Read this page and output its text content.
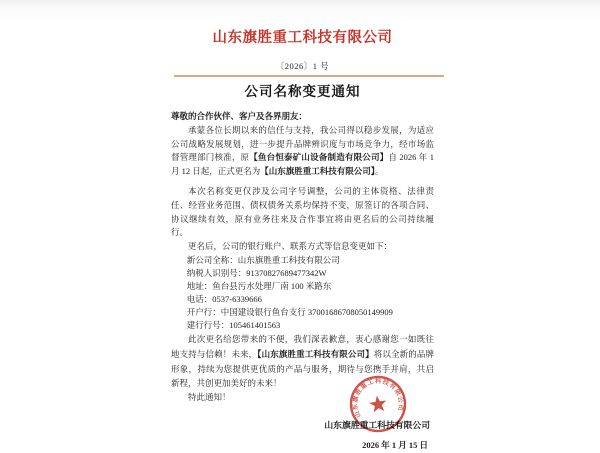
山东旗胜重工科技有限公司
〔2026〕1 号
公司名称变更通知

尊敬的合作伙伴、客户及各界朋友：

承蒙各位长期以来的信任与支持，我公司得以稳步发展，为适应公司战略发展规划，进一步提升品牌辨识度与市场竞争力，经市场监督管理部门核准，原【鱼台恒泰矿山设备制造有限公司】自 2026 年 1 月 12 日起，正式更名为【山东旗胜重工科技有限公司】。

本次名称变更仅涉及公司字号调整，公司的主体资格、法律责任、经营业务范围、债权债务关系均保持不变，原签订的各项合同、协议继续有效，原有业务往来及合作事宜将由更名后的公司持续履行。

更名后，公司的银行账户、联系方式等信息变更如下：

新公司全称：山东旗胜重工科技有限公司
纳税人识别号：91370827689477342W
地址：鱼台县污水处理厂南 100 米路东
电话：0537-6339666
开户行：中国建设银行鱼台支行 37001686708050149909
建行行号：105461401563

此次更名给您带来的不便，我们深表歉意，衷心感谢您一如既往地支持与信赖！未来，【山东旗胜重工科技有限公司】将以全新的品牌形象，持续为您提供更优质的产品与服务，期待与您携手并肩，共启新程，共创更加美好的未来！

特此通知！

山东旗胜重工科技有限公司
2026 年 1 月 15 日
山东旗胜重工科技有限公司
